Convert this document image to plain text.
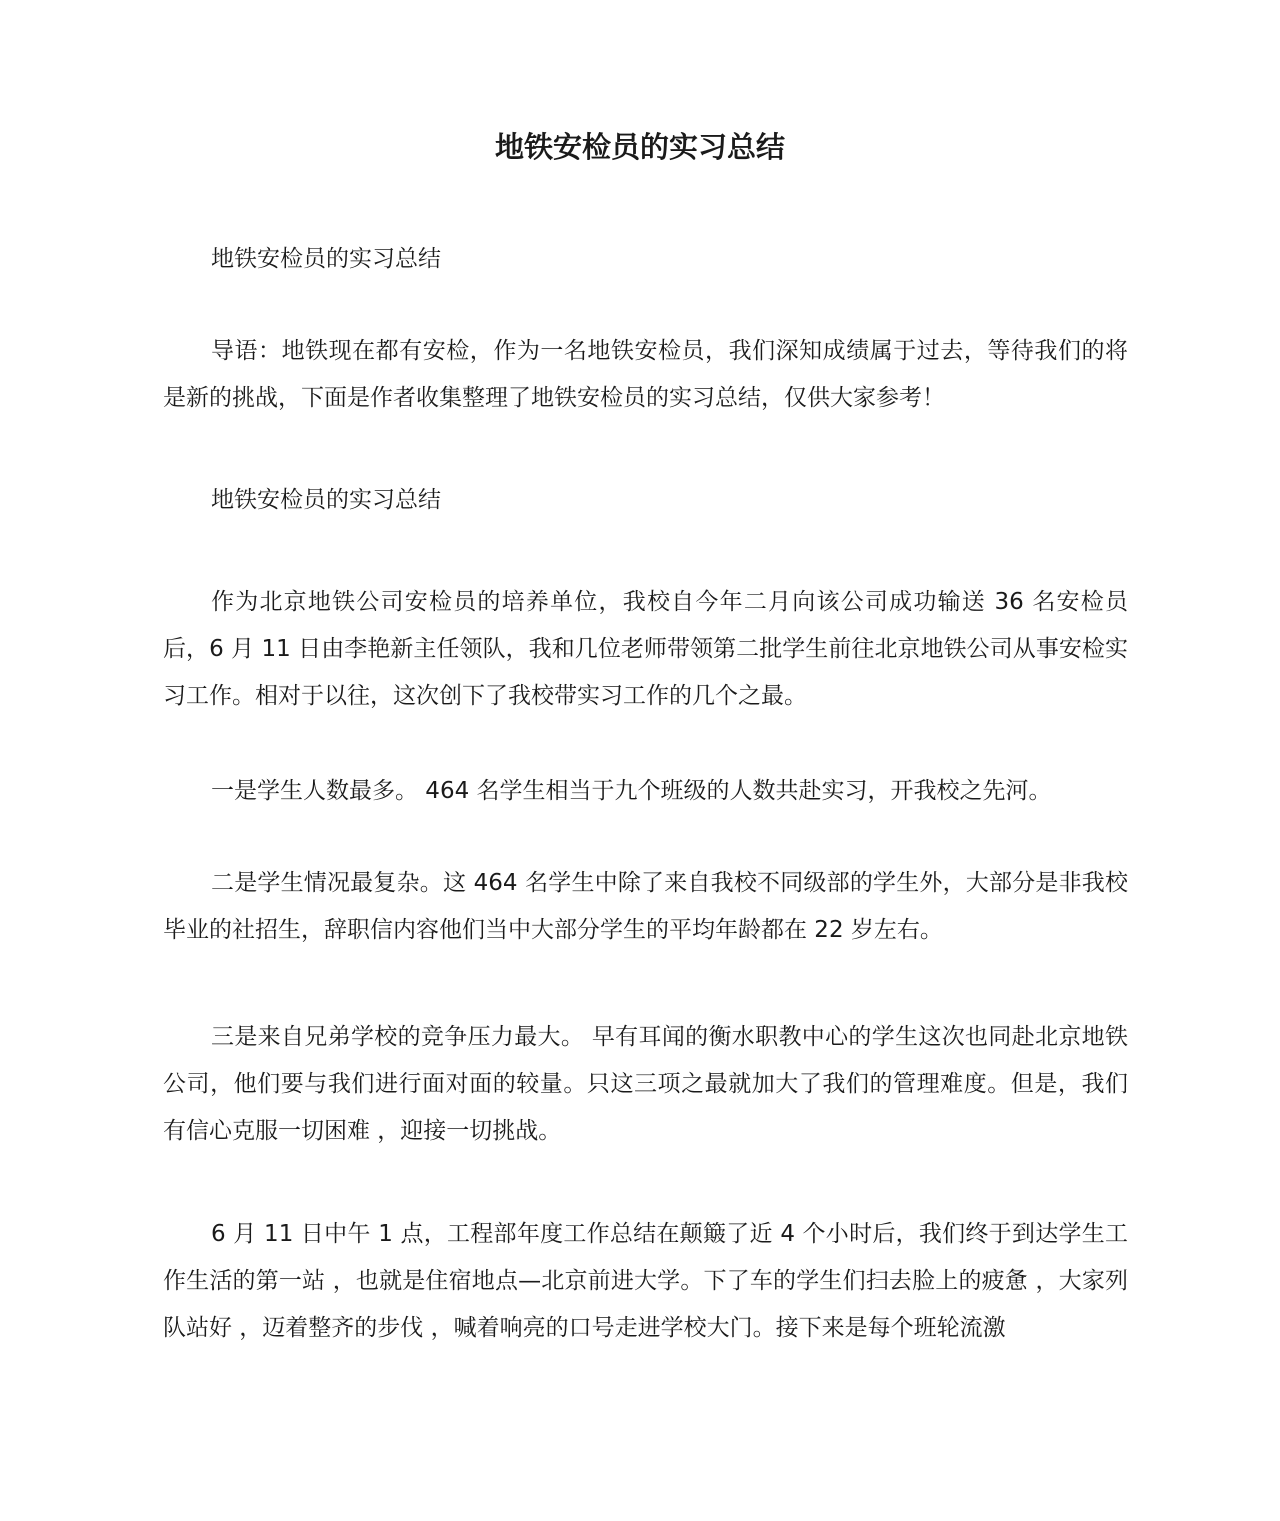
地铁安检员的实习总结

地铁安检员的实习总结

导语：地铁现在都有安检，作为一名地铁安检员，我们深知成绩属于过去，等待我们的将是新的挑战，下面是作者收集整理了地铁安检员的实习总结，仅供大家参考！

地铁安检员的实习总结

作为北京地铁公司安检员的培养单位，我校自今年二月向该公司成功输送 36 名安检员后，6 月 11 日由李艳新主任领队，我和几位老师带领第二批学生前往北京地铁公司从事安检实习工作。相对于以往，这次创下了我校带实习工作的几个之最。

一是学生人数最多。 464 名学生相当于九个班级的人数共赴实习，开我校之先河。

二是学生情况最复杂。这 464 名学生中除了来自我校不同级部的学生外，大部分是非我校毕业的社招生，辞职信内容他们当中大部分学生的平均年龄都在 22 岁左右。

三是来自兄弟学校的竞争压力最大。 早有耳闻的衡水职教中心的学生这次也同赴北京地铁公司，他们要与我们进行面对面的较量。只这三项之最就加大了我们的管理难度。但是，我们有信心克服一切困难 ，迎接一切挑战。

6 月 11 日中午 1 点，工程部年度工作总结在颠簸了近 4 个小时后，我们终于到达学生工作生活的第一站 ，也就是住宿地点—北京前进大学。下了车的学生们扫去脸上的疲惫 ，大家列队站好 ，迈着整齐的步伐 ，喊着响亮的口号走进学校大门。接下来是每个班轮流激
